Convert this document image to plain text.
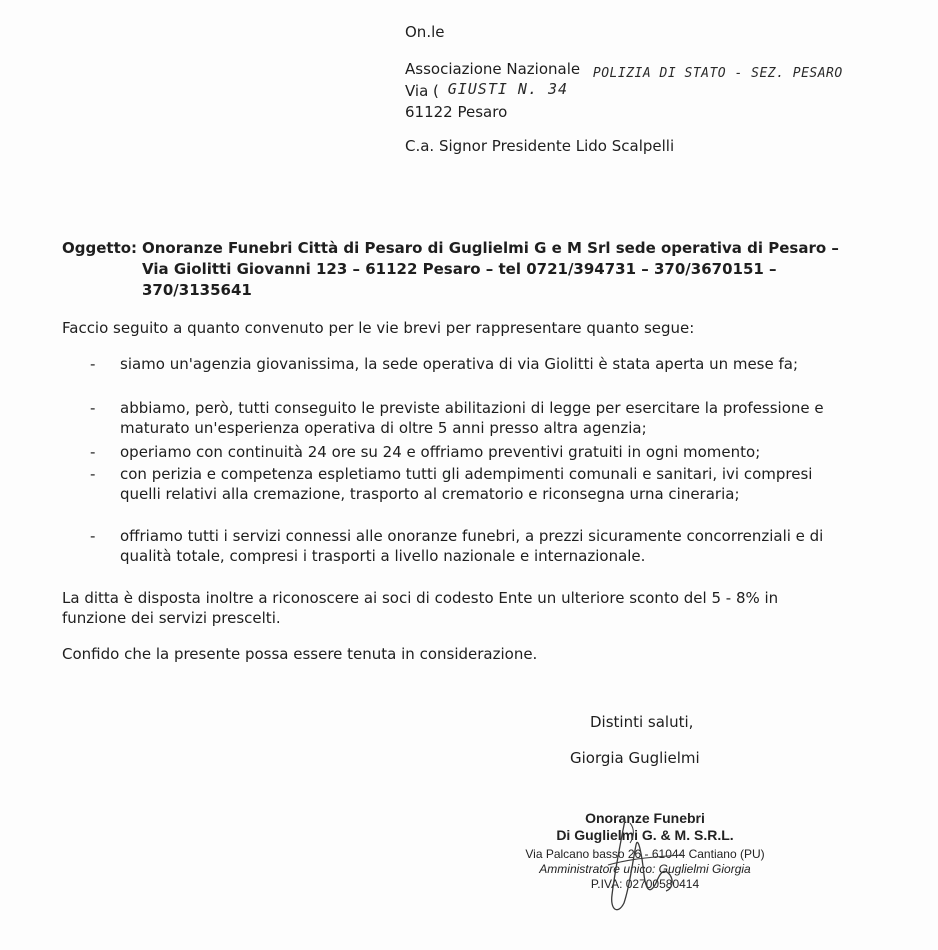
On.le
Associazione Nazionale POLIZIA DI STATO - SEZ. PESARO
Via ( GIUSTI N. 34
61122 Pesaro
C.a. Signor Presidente Lido Scalpelli
Oggetto: Onoranze Funebri Città di Pesaro di Guglielmi G e M Srl sede operativa di Pesaro –
Via Giolitti Giovanni 123 – 61122 Pesaro – tel 0721/394731 – 370/3670151 –
370/3135641
Faccio seguito a quanto convenuto per le vie brevi per rappresentare quanto segue:
-	siamo un'agenzia giovanissima, la sede operativa di via Giolitti è stata aperta un mese fa;
-	abbiamo, però, tutti conseguito le previste abilitazioni di legge per esercitare la professione e maturato un'esperienza operativa di oltre 5 anni presso altra agenzia;
-	operiamo con continuità 24 ore su 24 e offriamo preventivi gratuiti in ogni momento;
-	con perizia e competenza espletiamo tutti gli adempimenti comunali e sanitari, ivi compresi quelli relativi alla cremazione, trasporto al crematorio e riconsegna urna cineraria;
-	offriamo tutti i servizi connessi alle onoranze funebri, a prezzi sicuramente concorrenziali e di qualità totale, compresi i trasporti a livello nazionale e internazionale.
La ditta è disposta inoltre a riconoscere ai soci di codesto Ente un ulteriore sconto del 5 - 8% in funzione dei servizi prescelti.
Confido che la presente possa essere tenuta in considerazione.
Distinti saluti,
Giorgia Guglielmi
Onoranze Funebri
Di Guglielmi G. & M. S.R.L.
Via Palcano basso 26 - 61044 Cantiano (PU)
Amministratore unico: Guglielmi Giorgia
P.IVA: 02700580414
